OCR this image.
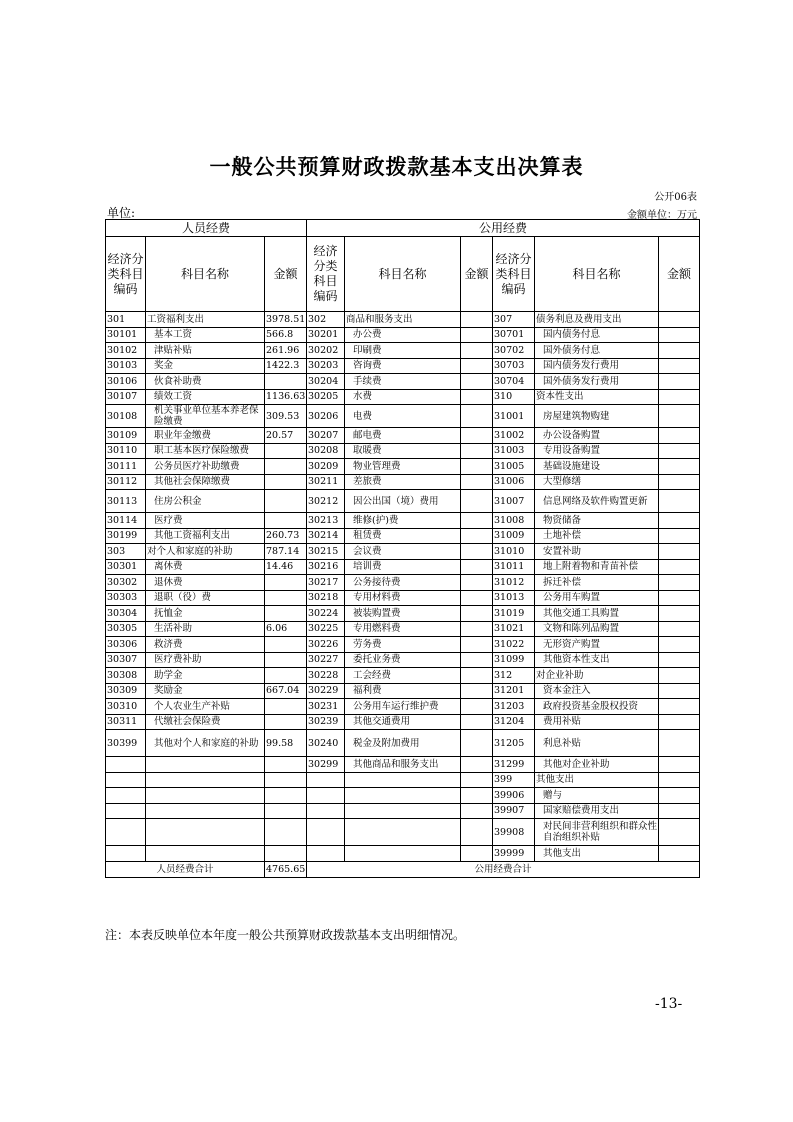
一般公共预算财政拨款基本支出决算表
公开06表
单位:	金额单位：万元
人员经费			公用经费					
经济分类科目编码	科目名称	金额	经济分类科目编码	科目名称	金额	经济分类科目编码	科目名称	金额
301	工资福利支出	3978.51	302	商品和服务支出		307	债务利息及费用支出	
30101	基本工资	566.8	30201	办公费		30701	国内债务付息	
30102	津贴补贴	261.96	30202	印刷费		30702	国外债务付息	
30103	奖金	1422.3	30203	咨询费		30703	国内债务发行费用	
30106	伙食补助费		30204	手续费		30704	国外债务发行费用	
30107	绩效工资	1136.63	30205	水费		310	资本性支出	
30108	机关事业单位基本养老保险缴费	309.53	30206	电费		31001	房屋建筑物购建	
30109	职业年金缴费	20.57	30207	邮电费		31002	办公设备购置	
30110	职工基本医疗保险缴费		30208	取暖费		31003	专用设备购置	
30111	公务员医疗补助缴费		30209	物业管理费		31005	基础设施建设	
30112	其他社会保障缴费		30211	差旅费		31006	大型修缮	
30113	住房公积金		30212	因公出国（境）费用		31007	信息网络及软件购置更新	
30114	医疗费		30213	维修(护)费		31008	物资储备	
30199	其他工资福利支出	260.73	30214	租赁费		31009	土地补偿	
303	对个人和家庭的补助	787.14	30215	会议费		31010	安置补助	
30301	离休费	14.46	30216	培训费		31011	地上附着物和青苗补偿	
30302	退休费		30217	公务接待费		31012	拆迁补偿	
30303	退职（役）费		30218	专用材料费		31013	公务用车购置	
30304	抚恤金		30224	被装购置费		31019	其他交通工具购置	
30305	生活补助	6.06	30225	专用燃料费		31021	文物和陈列品购置	
30306	救济费		30226	劳务费		31022	无形资产购置	
30307	医疗费补助		30227	委托业务费		31099	其他资本性支出	
30308	助学金		30228	工会经费		312	对企业补助	
30309	奖励金	667.04	30229	福利费		31201	资本金注入	
30310	个人农业生产补贴		30231	公务用车运行维护费		31203	政府投资基金股权投资	
30311	代缴社会保险费		30239	其他交通费用		31204	费用补贴	
30399	其他对个人和家庭的补助	99.58	30240	税金及附加费用		31205	利息补贴	
			30299	其他商品和服务支出		31299	其他对企业补助	
						399	其他支出	
						39906	赠与	
						39907	国家赔偿费用支出	
						39908	对民间非营利组织和群众性自治组织补贴	
						39999	其他支出	
人员经费合计		4765.65	公用经费合计					
注：本表反映单位本年度一般公共预算财政拨款基本支出明细情况。
-13-
